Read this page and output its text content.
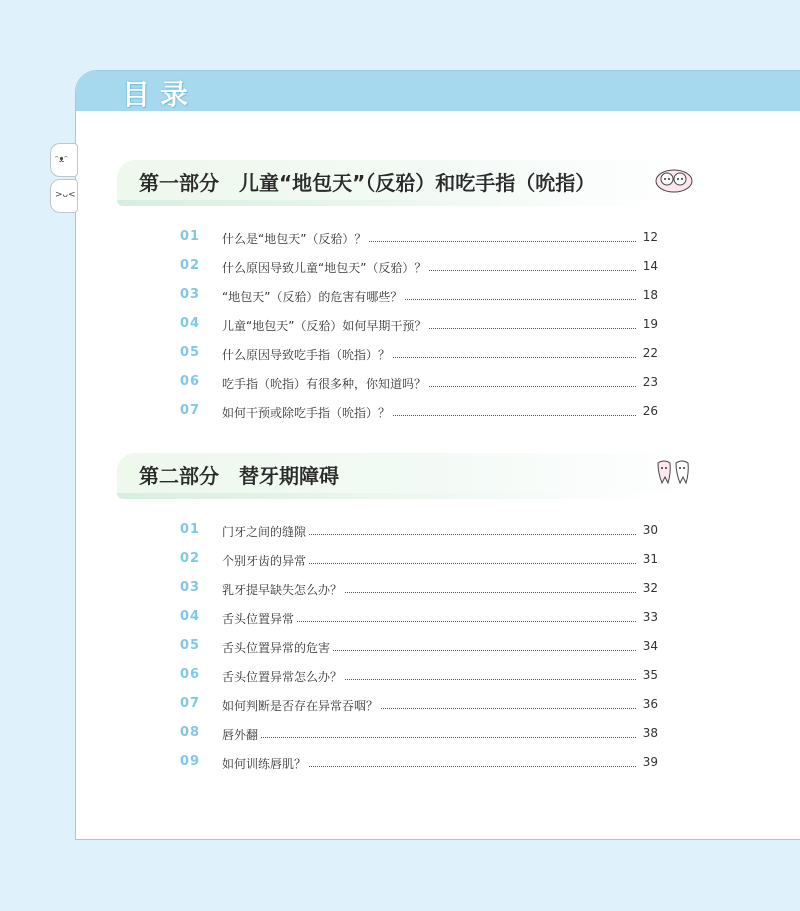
目录
ᵔᴥᵔ
>ᴗ<	第一部分　儿童“地包天”（反𬌗）和吃手指（吮指）
01 什么是“地包天”（反𬌗）？	12
02 什么原因导致儿童“地包天”（反𬌗）？	14
03 “地包天”（反𬌗）的危害有哪些？	18
04 儿童“地包天”（反𬌗）如何早期干预？	19
05 什么原因导致吃手指（吮指）？	22
06 吃手指（吮指）有很多种，你知道吗？	23
07 如何干预或除吃手指（吮指）？	26
第二部分　替牙期障碍
01 门牙之间的缝隙	30
02 个别牙齿的异常	31
03 乳牙提早缺失怎么办？	32
04 舌头位置异常	33
05 舌头位置异常的危害	34
06 舌头位置异常怎么办？	35
07 如何判断是否存在异常吞咽？	36
08 唇外翻	38
09 如何训练唇肌？	39
